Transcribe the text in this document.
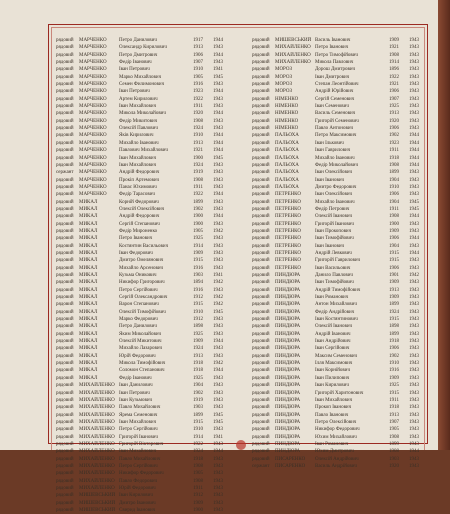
рядовий	МАРЧЕНКО	Петро Данилович	1917	1944
рядовий	МАРЧЕНКО	Олександр Кирилович	1913	1943
рядовий	МАРЧЕНКО	Петро Дмитрович	1906	1944
рядовий	МАРЧЕНКО	Федір Іванович	1907	1943
рядовий	МАРЧЕНКО	Іван Петрович	1910	1941
рядовий	МАРЧЕНКО	Марко Михайлович	1905	1945
рядовий	МАРЧЕНКО	Семен Филимонович	1916	1943
рядовий	МАРЧЕНКО	Іван Петрович	1923	1944
рядовий	МАРЧЕНКО	Артем Кирилович	1922	1943
рядовий	МАРЧЕНКО	Іван Михайлович	1911	1943
рядовий	МАРЧЕНКО	Микола Миколайович	1920	1944
рядовий	МАРЧЕНКО	Федір Микитович	1908	1943
рядовий	МАРЧЕНКО	Олексій Павлович	1924	1943
рядовий	МАРЧЕНКО	Яків Кирилович	1910	1944
рядовий	МАРЧЕНКО	Михайло Іванович	1913	1944
рядовий	МАРЧЕНКО	Павлович Михайлович	1921	1944
рядовий	МАРЧЕНКО	Іван Михайлович	1900	1945
рядовий	МАРЧЕНКО	Іван Михайлович	1924	1943
сержант	МАРЧЕНКО	Андрій Федорович	1919	1943
рядовий	МАРЧЕНКО	Прокіп Артемович	1908	1943
рядовий	МАРЧЕНКО	Панас Юхимович	1911	1943
рядовий	МАРЧЕНКО	Федір Тарасович	1922	1944
рядовий	МИКАЛ	Корнiй Федорович	1899	1943
рядовий	МИКАЛ	Олексій Олексійович	1902	1943
рядовий	МИКАЛ	Андрій Федорович	1900	1944
рядовий	МИКАЛ	Сергій Степанович	1900	1943
рядовий	МИКАЛ	Федір Мироненко	1905	1942
рядовий	МИКАЛ	Петро Іванович	1925	1943
рядовий	МИКАЛ	Костянтин Васильович	1914	1943
рядовий	МИКАЛ	Іван Федорович	1909	1943
рядовий	МИКАЛ	Дмитро Омелянович	1915	1943
рядовий	МИКАЛ	Михайло Арсенович	1916	1943
рядовий	МИКАЛ	Кузьма Оникович	1903	1941
рядовий	МИКАЛ	Никифор Григорович	1894	1942
рядовий	МИКАЛ	Петро Сергійович	1916	1943
рядовий	МИКАЛ	Сергій Олександрович	1912	1942
рядовий	МИКАЛ	Варон Степанович	1915	1942
рядовий	МИКАЛ	Олексій Тимофійович	1910	1945
рядовий	МИКАЛ	Марко Федорович	1912	1943
рядовий	МИКАЛ	Петро Данилович	1898	1943
рядовий	МИКАЛ	Яким Миколайович	1925	1943
рядовий	МИКАЛ	Олексій Микитович	1909	1944
рядовий	МИКАЛ	Михайло Лазарович	1924	1943
рядовий	МИКАЛ	Юрій Федорович	1913	1943
рядовий	МИКАЛ	Микола Тимофійович	1918	1942
рядовий	МИКАЛ	Соломон Степанович	1918	1944
рядовий	МИКАЛ	Федір Іванович	1925	1943
рядовий	МИХАЙЛЕНКО Іван Данилович	1904	1943
рядовий	МИХАЙЛЕНКО Іван Петрович	1902	1943
рядовий	МИХАЙЛЕНКО Іван Кузьмович	1919	1943
рядовий	МИХАЙЛЕНКО Павло Михайлович	1903	1943
рядовий	МИХАЙЛЕНКО Ярема Семенович	1899	1945
рядовий	МИХАЙЛЕНКО Іван Михайлович	1915	1945
рядовий	МИХАЙЛЕНКО Петро Сергійович	1910	1943
рядовий	МИХАЙЛЕНКО Григорій Іванович	1914	1941
рядовий	МИХАЙЛЕНКО Григорій Вікторович	1922	1943
рядовий	МИХАЙЛЕНКО Іван Михайлович	1924	1944
рядовий	МИХАЙЛЕНКО Павло Михайлович	1918	1943
рядовий	МИХАЙЛЕНКО Петро Сергійович	1908	1943
рядовий	МИХАЙЛЕНКО Никифор Федорович	1905	1943
рядовий	МИХАЙЛЕНКО Павло Федорович	1908	1943
рядовий	МИХАЙЛЕНКО Юрій Федорович	1911	1943
рядовий	МИШЕВСЬКИЙ Іван Кирилович	1912	1943
рядовий	МИШЕВСЬКИЙ Дмитро Іванович	1909	1943
рядовий	МИШЕВСЬКИЙ Свирид Іванович	1900	1943
рядовий	МИШЕВСЬКИЙ Василь Іванович	1909	1943
рядовий	МИХАЙЛЕНКО Петро Іванович	1921	1943
рядовий	МИХАЙЛЕНКО Петро Тимофійович	1908	1943
рядовий	МИХАЙЛЕНКО Микола Павлович	1914	1943
рядовий	МОРОЗ	Дорош Дмитрович	1896	1943
рядовий	МОРОЗ	Іван Дмитрович	1922	1943
рядовий	МОРОЗ	Степан Леонтійович	1921	1943
рядовий	МОРОЗ	Андрій Юрійович	1906	1943
рядовий	НІМЕНКО	Сергій Семенович	1907	1943
рядовий	НІМЕНКО	Іван Семенович	1925	1943
рядовий	НІМЕНКО	Василь Семенович	1913	1943
рядовий	НІМЕНКО	Григорій Семенович	1920	1943
рядовий	НІМЕНКО	Павло Антонович	1906	1943
рядовий	ПАЛЬОХА	Петро Максимович	1902	1944
рядовий	ПАЛЬОХА	Іван Ількович	1923	1944
рядовий	ПАЛЬОХА	Іван Гаврилович	1911	1944
рядовий	ПАЛЬОХА	Михайло Іванович	1918	1944
рядовий	ПАЛЬОХА	Федір Миколайович	1908	1944
рядовий	ПАЛЬОХА	Іван Олексійович	1899	1943
рядовий	ПАЛЬОХА	Іван Іванович	1904	1943
рядовий	ПАЛЬОХА	Дмитро Федорович	1910	1943
рядовий	ПЕТРЕНКО	Іван Олексійович	1906	1943
рядовий	ПЕТРЕНКО	Михайло Іванович	1904	1945
рядовий	ПЕТРЕНКО	Федір Петрович	1911	1945
рядовий	ПЕТРЕНКО	Олексій Іванович	1908	1944
рядовий	ПЕТРЕНКО	Григорій Іванович	1900	1943
рядовий	ПЕТРЕНКО	Іван Прокопович	1909	1943
рядовий	ПЕТРЕНКО	Іван Тимофійович	1906	1944
рядовий	ПЕТРЕНКО	Іван Іванович	1904	1943
рядовий	ПЕТРЕНКО	Андрій Левкович	1915	1944
рядовий	ПЕТРЕНКО	Григорій Гаврилович	1915	1943
рядовий	ПЕТРЕНКО	Іван Васильович	1906	1943
рядовий	ПИНДЮРА	Данило Павлович	1901	1942
рядовий	ПИНДЮРА	Іван Тимофійович	1909	1943
рядовий	ПИНДЮРА	Андрій Тимофійович	1913	1943
рядовий	ПИНДЮРА	Іван Романович	1909	1943
рядовий	ПИНДЮРА	Антон Михайлович	1899	1943
рядовий	ПИНДЮРА	Федір Андрійович	1924	1943
рядовий	ПИНДЮРА	Іван Костянтинович	1915	1943
рядовий	ПИНДЮРА	Олексій Іванович	1898	1943
рядовий	ПИНДЮРА	Андрій Іванович	1899	1943
рядовий	ПИНДЮРА	Іван Андрійович	1918	1943
рядовий	ПИНДЮРА	Іван Сергійович	1906	1943
рядовий	ПИНДЮРА	Максим Семенович	1902	1943
рядовий	ПИНДЮРА	Ілля Максимович	1910	1943
рядовий	ПИНДЮРА	Іван Корнійович	1916	1943
рядовий	ПИНДЮРА	Іван Пилипович	1909	1943
рядовий	ПИНДЮРА	Іван Кирилович	1925	1943
рядовий	ПИНДЮРА	Григорій Харитонович	1915	1943
рядовий	ПИНДЮРА	Іван Михайлович	1911	1943
рядовий	ПИНДЮРА	Прокоп Іванович	1918	1943
рядовий	ПИНДЮРА	Павло Іванович	1913	1943
рядовий	ПИНДЮРА	Петро Олексійович	1907	1943
рядовий	ПИНДЮРА	Никифор Федорович	1905	1943
рядовий	ПИНДЮРА	Юхим Михайлович	1908	1943
рядовий	ПИНДЮРА	Іван Романович	1899	1943
рядовий	ПИНДЮРА	Юхим Дмитрович	1908	1944
рядовий	ПИСАРЕНКО	Олексій Андрійович	1903	1943
сержант	ПИСАРЕНКО	Василь Андрійович	1920	1943
